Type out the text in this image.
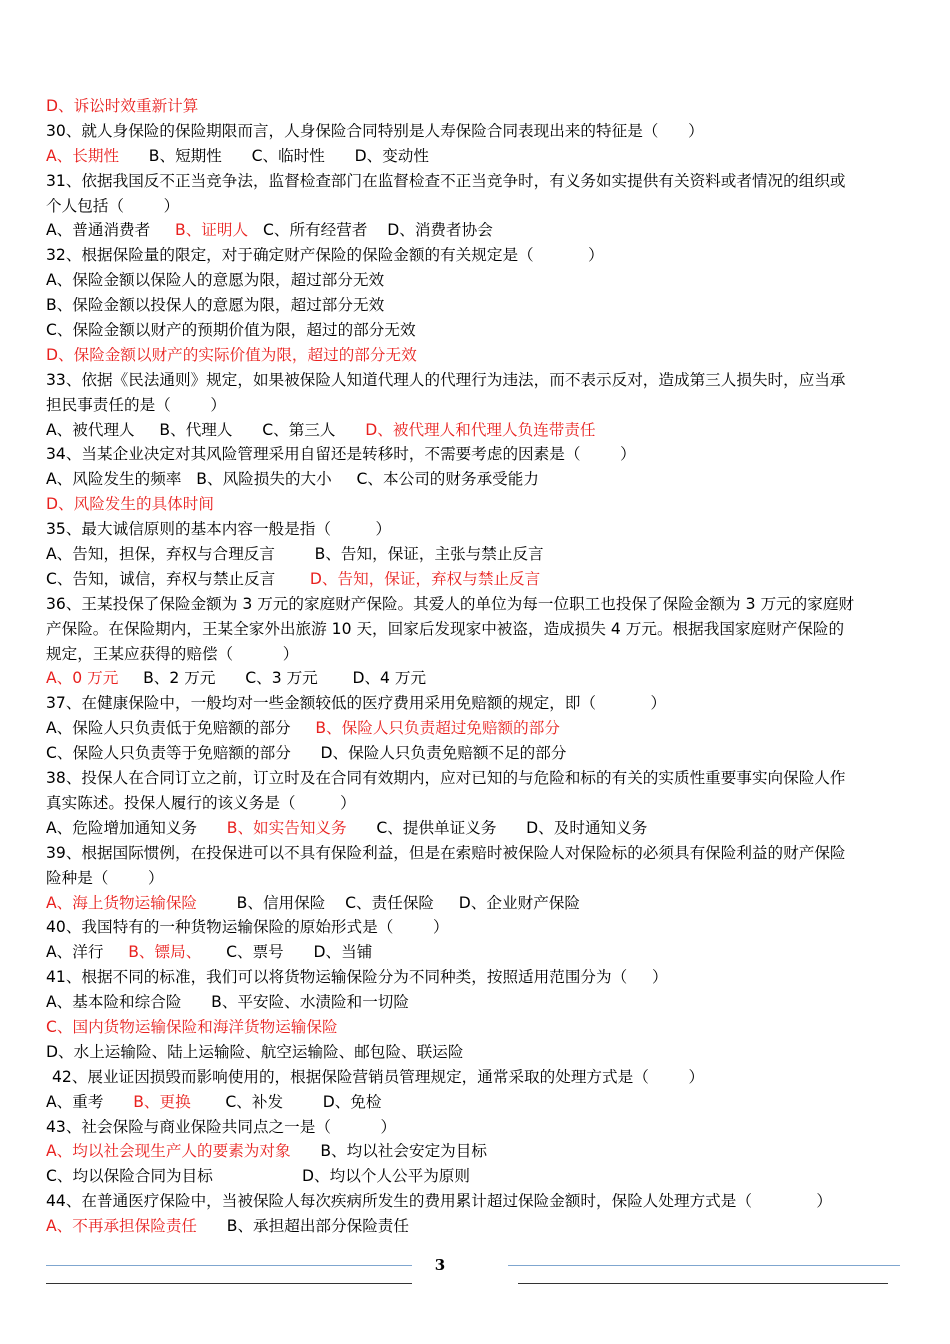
D、诉讼时效重新计算
30、就人身保险的保险期限而言，人身保险合同特别是人寿保险合同表现出来的特征是（      ）
A、长期性      B、短期性      C、临时性      D、变动性
31、依据我国反不正当竞争法，监督检查部门在监督检查不正当竞争时，有义务如实提供有关资料或者情况的组织或
个人包括（        ）
A、普通消费者     B、证明人   C、所有经营者    D、消费者协会
32、根据保险量的限定，对于确定财产保险的保险金额的有关规定是（           ）
A、保险金额以保险人的意愿为限，超过部分无效
B、保险金额以投保人的意愿为限，超过部分无效
C、保险金额以财产的预期价值为限，超过的部分无效
D、保险金额以财产的实际价值为限，超过的部分无效
33、依据《民法通则》规定，如果被保险人知道代理人的代理行为违法，而不表示反对，造成第三人损失时，应当承
担民事责任的是（        ）
A、被代理人     B、代理人      C、第三人      D、被代理人和代理人负连带责任
34、当某企业决定对其风险管理采用自留还是转移时，不需要考虑的因素是（        ）
A、风险发生的频率   B、风险损失的大小     C、本公司的财务承受能力
D、风险发生的具体时间
35、最大诚信原则的基本内容一般是指（         ）
A、告知，担保，弃权与合理反言        B、告知，保证，主张与禁止反言
C、告知，诚信，弃权与禁止反言       D、告知，保证，弃权与禁止反言
36、王某投保了保险金额为 3 万元的家庭财产保险。其爱人的单位为每一位职工也投保了保险金额为 3 万元的家庭财
产保险。在保险期内，王某全家外出旅游 10 天，回家后发现家中被盗，造成损失 4 万元。根据我国家庭财产保险的
规定，王某应获得的赔偿（          ）
A、0 万元     B、2 万元      C、3 万元       D、4 万元
37、在健康保险中，一般均对一些金额较低的医疗费用采用免赔额的规定，即（           ）
A、保险人只负责低于免赔额的部分     B、保险人只负责超过免赔额的部分
C、保险人只负责等于免赔额的部分      D、保险人只负责免赔额不足的部分
38、投保人在合同订立之前，订立时及在合同有效期内，应对已知的与危险和标的有关的实质性重要事实向保险人作
真实陈述。投保人履行的该义务是（         ）
A、危险增加通知义务      B、如实告知义务      C、提供单证义务      D、及时通知义务
39、根据国际惯例，在投保进可以不具有保险利益，但是在索赔时被保险人对保险标的必须具有保险利益的财产保险
险种是（        ）
A、海上货物运输保险        B、信用保险    C、责任保险     D、企业财产保险
40、我国特有的一种货物运输保险的原始形式是（        ）
A、洋行     B、镖局、     C、票号      D、当铺
41、根据不同的标准，我们可以将货物运输保险分为不同种类，按照适用范围分为（     ）
A、基本险和综合险      B、平安险、水渍险和一切险
C、国内货物运输保险和海洋货物运输保险
D、水上运输险、陆上运输险、航空运输险、邮包险、联运险
42、展业证因损毁而影响使用的，根据保险营销员管理规定，通常采取的处理方式是（        ）
A、重考      B、更换       C、补发        D、免检
43、社会保险与商业保险共同点之一是（          ）
A、均以社会现生产人的要素为对象      B、均以社会安定为目标
C、均以保险合同为目标                  D、均以个人公平为原则
44、在普通医疗保险中，当被保险人每次疾病所发生的费用累计超过保险金额时，保险人处理方式是（             ）
A、不再承担保险责任      B、承担超出部分保险责任
3
